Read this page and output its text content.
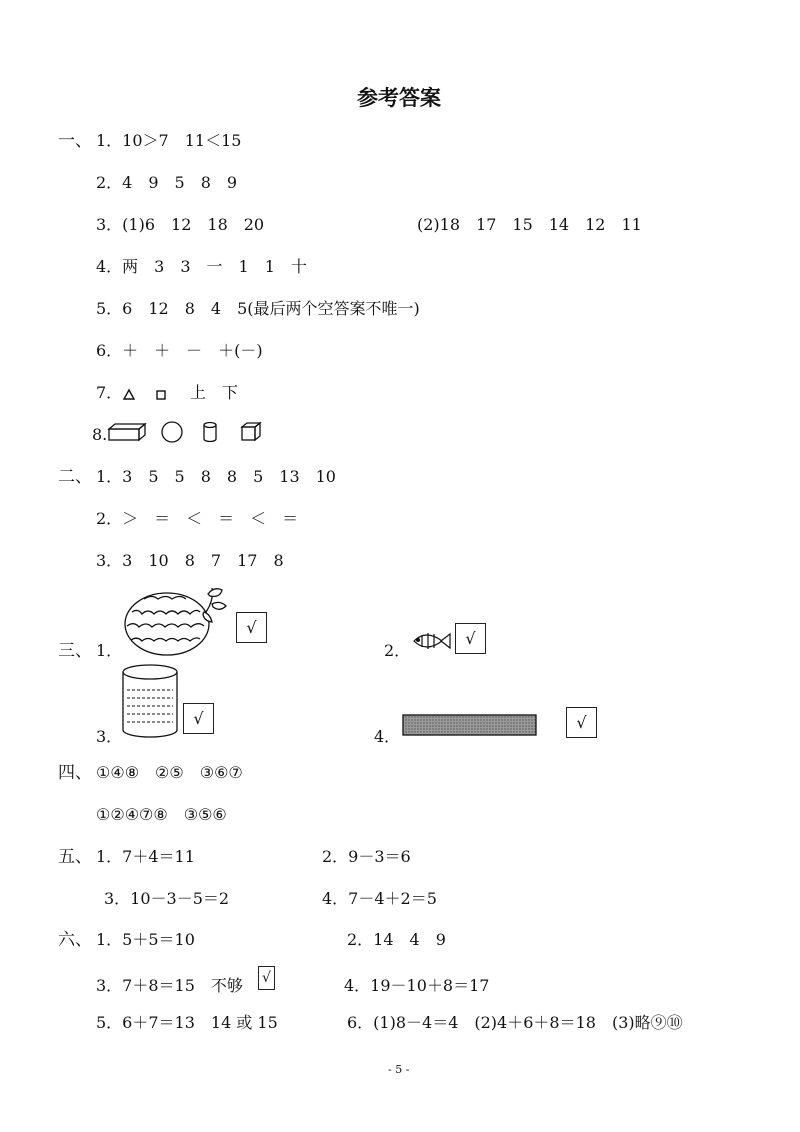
参考答案
一、 1．10＞7　11＜15
2．4　9　5　8　9
3．(1)6　12　18　20	(2)18　17　15　14　12　11
4．两　3　3　一　1　1　十
5．6　12　8　4　5(最后两个空答案不唯一)
6．＋　＋　－　＋(－)
7．	上　下
8.
二、 1．3　5　5　8　8　5　13　10
2．＞　＝　＜　＝　＜　＝
3．3　10　8　7　17　8
三、 1．
√
2．
√
3．
√
4．
√
四、 ①④⑧　②⑤　③⑥⑦
①②④⑦⑧　③⑤⑥
五、 1．7＋4＝11	2．9－3＝6
3．10－3－5＝2	4．7－4＋2＝5
六、 1．5＋5＝10	2．14　4　9
3．7＋8＝15　不够 √	4．19－10＋8＝17
5．6＋7＝13　14 或 15	6．(1)8－4＝4　(2)4＋6＋8＝18　(3)略⑨⑩
- 5 -
